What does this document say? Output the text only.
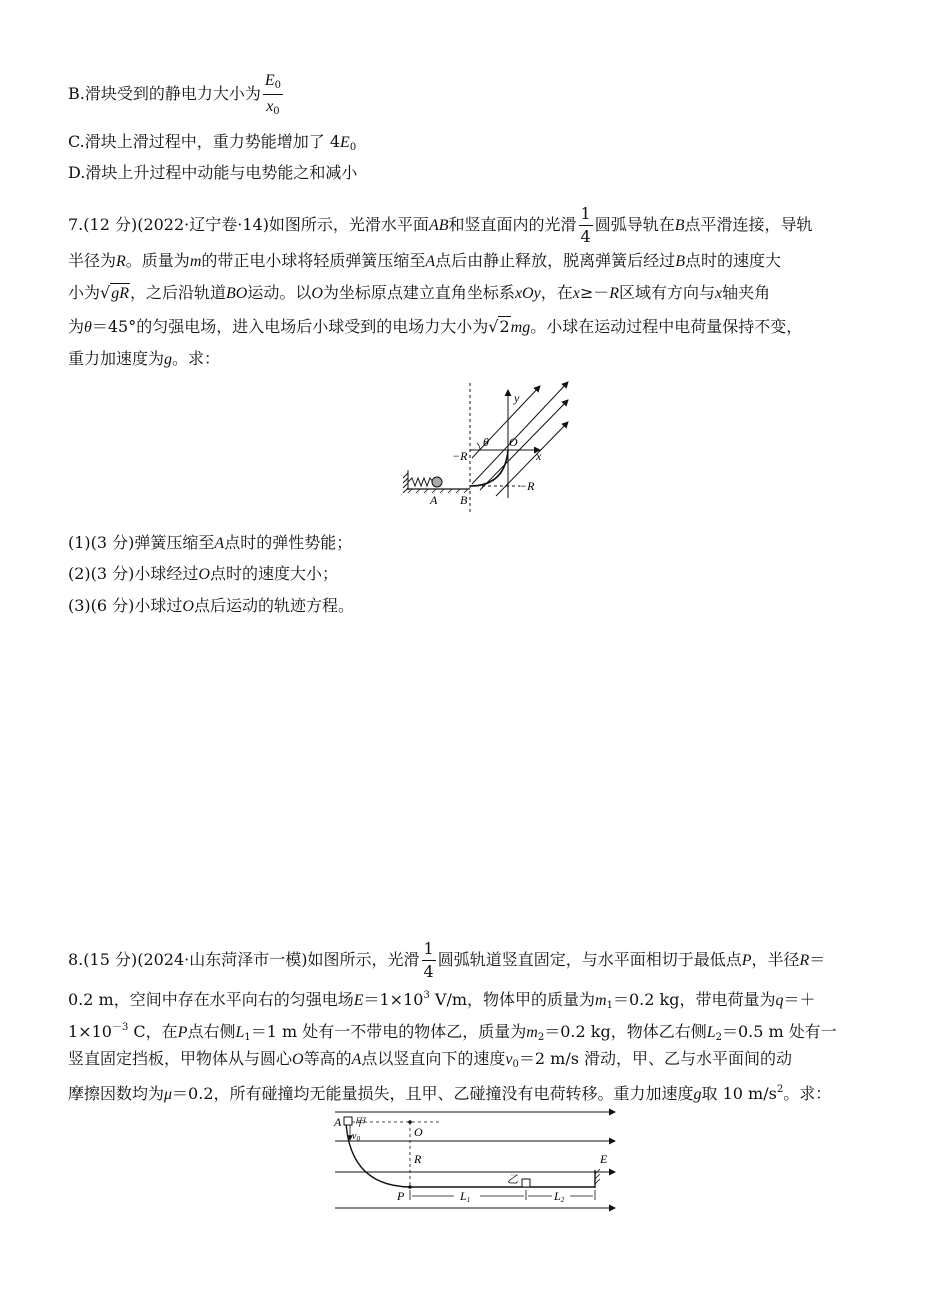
B.滑块受到的静电力大小为 $\frac{E_0}{x_0}$
C.滑块上滑过程中，重力势能增加了 $4E_0$
D.滑块上升过程中动能与电势能之和减小
7.(12 分)(2022·辽宁卷·14)如图所示，光滑水平面AB和竖直面内的光滑 $\frac{1}{4}$ 圆弧导轨在B点平滑连接，导轨
半径为R。质量为m的带正电小球将轻质弹簧压缩至A点后由静止释放，脱离弹簧后经过B点时的速度大
小为√gR，之后沿轨道BO运动。以O为坐标原点建立直角坐标系xOy，在x≥－R区域有方向与x轴夹角
为θ＝45°的匀强电场，进入电场后小球受到的电场力大小为√2mg。小球在运动过程中电荷量保持不变，
重力加速度为g。求：
y
x
θ O
−R
−R
A B
(1)(3 分)弹簧压缩至A点时的弹性势能；
(2)(3 分)小球经过O点时的速度大小；
(3)(6 分)小球过O点后运动的轨迹方程。
8.(15 分)(2024·山东菏泽市一模)如图所示，光滑 $\frac{1}{4}$ 圆弧轨道竖直固定，与水平面相切于最低点P，半径R＝
0.2 m，空间中存在水平向右的匀强电场$E=1\times 10^3$ V/m，物体甲的质量为$m_1=0.2$ kg，带电荷量为q＝＋
$1\times 10^{-3}$ C，在P点右侧$L_1=1$ m 处有一不带电的物体乙，质量为$m_2=0.2$ kg，物体乙右侧$L_2=0.5$ m 处有一
竖直固定挡板，甲物体从与圆心O等高的A点以竖直向下的速度$v_0=2$ m/s 滑动，甲、乙与水平面间的动
摩擦因数均为μ＝0.2，所有碰撞均无能量损失，且甲、乙碰撞没有电荷转移。重力加速度g取 10 $m/s^2$。求：
A 甲
$v_0$	O
R
乙
E
P	L1	L2
